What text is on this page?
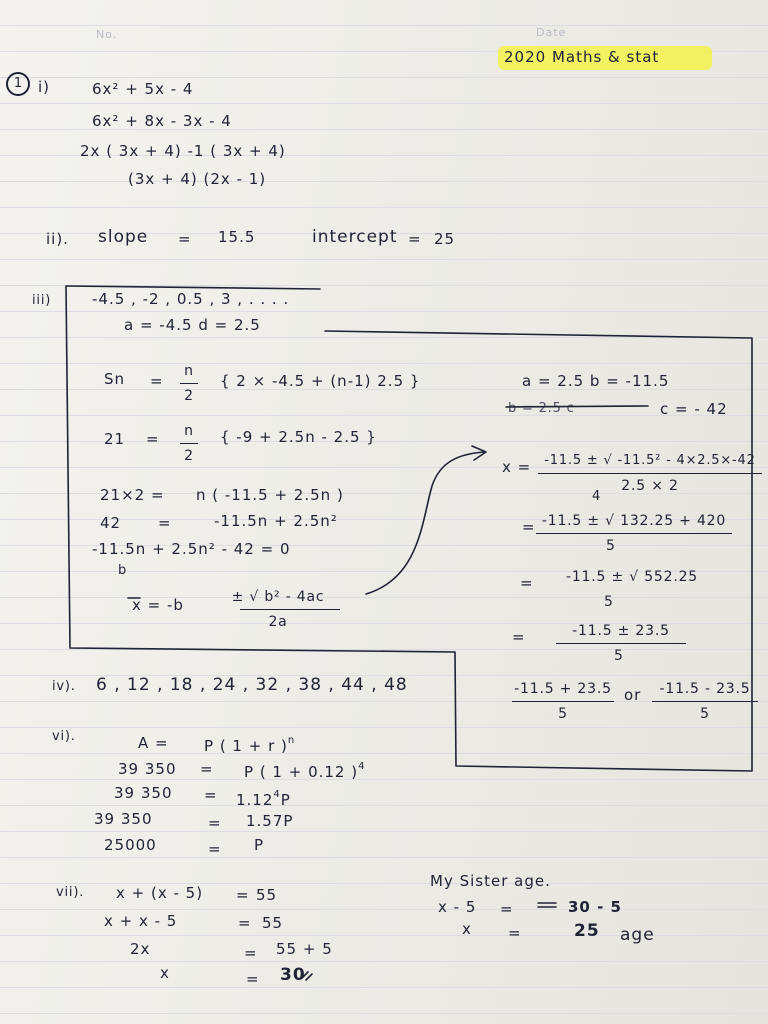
No.	Date
2020 Maths & stat
1	i)	6x² + 5x - 4
6x² + 8x - 3x - 4
2x ( 3x + 4) -1 ( 3x + 4)
(3x + 4) (2x - 1)
ii). slope = 15.5	intercept = 25
iii)	-4.5 , -2 , 0.5 , 3 , . . . .
a = -4.5 d = 2.5
Sn =
n
2
{ 2 × -4.5 + (n-1) 2.5 }
21 = n
2
{ -9 + 2.5n - 2.5 }
21×2 = n ( -11.5 + 2.5n )
42 =	-11.5n + 2.5n²
-11.5n + 2.5n² - 42 = 0
b
x = -b	± √ b² - 4ac
2a
a = 2.5 b = -11.5
b = 2.5 c	c = - 42
x =	-11.5 ± √ -11.5² - 4×2.5×-42
2.5 × 2
4
= -11.5 ± √ 132.25 + 420
5
=	-11.5 ± √ 552.25
5
=	-11.5 ± 23.5
5
-11.5 + 23.5
5
or	-11.5 - 23.5
5
iv). 6 , 12 , 18 , 24 , 32 , 38 , 44 , 48
vi).	A = P ( 1 + r )$^n$
39 350 = P ( 1 + 0.12 )$^4$
39 $350 = 1.12^4P$
39 350	= 1.57P
25000	= P
vii). x + (x - 5) = 55
x + x - 5	= 55
2x	= 55 + 5
x	= 30
My Sister age.
x - 5 =	30 - 5
x =	25 age
